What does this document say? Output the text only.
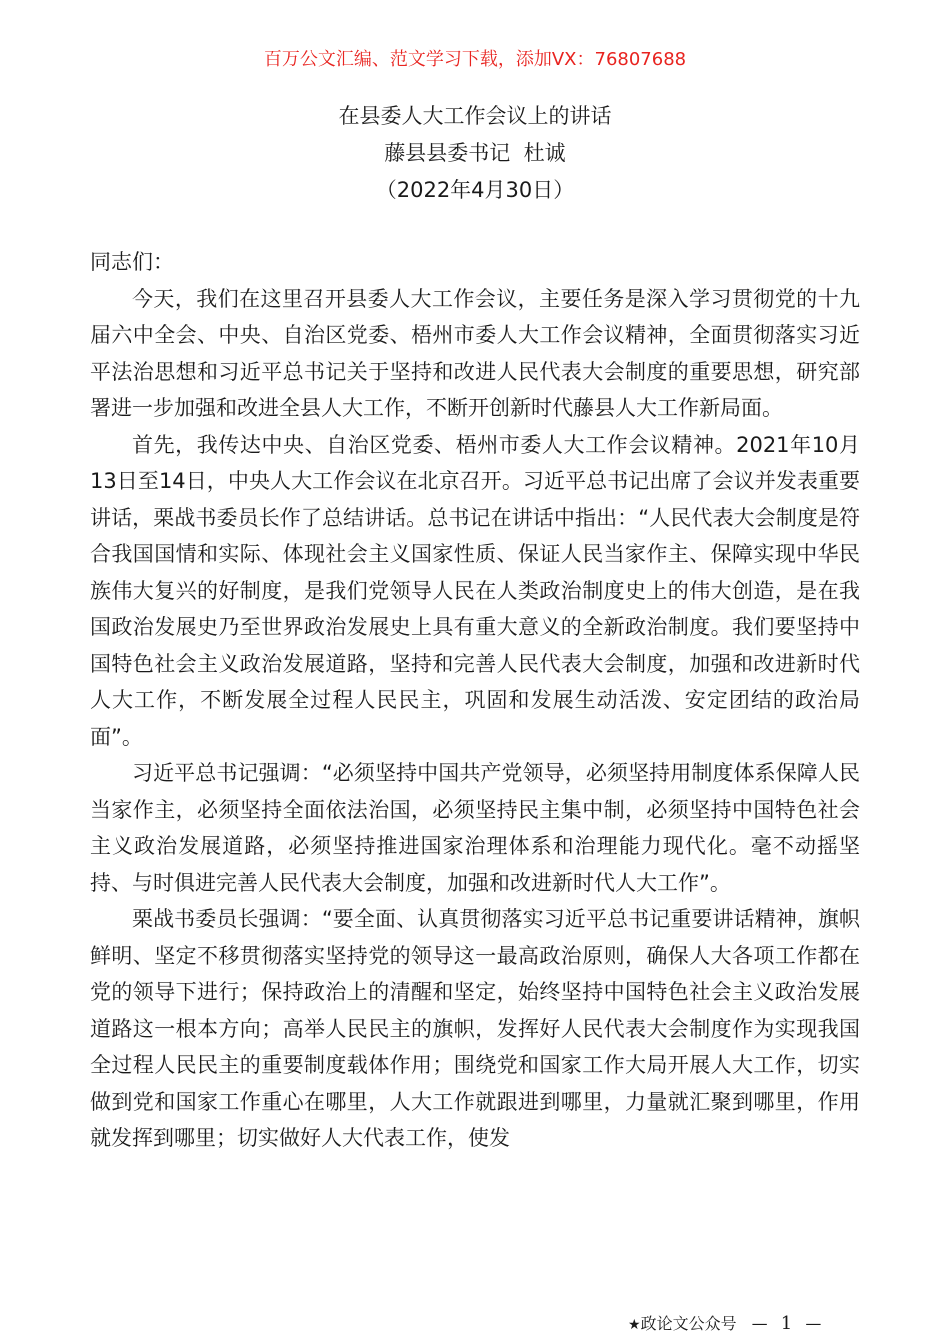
百万公文汇编、范文学习下载，添加VX：76807688
在县委人大工作会议上的讲话
藤县县委书记  杜诚
（2022年4月30日）

同志们：

今天，我们在这里召开县委人大工作会议，主要任务是深入学习贯彻党的十九届六中全会、中央、自治区党委、梧州市委人大工作会议精神，全面贯彻落实习近平法治思想和习近平总书记关于坚持和改进人民代表大会制度的重要思想，研究部署进一步加强和改进全县人大工作，不断开创新时代藤县人大工作新局面。

首先，我传达中央、自治区党委、梧州市委人大工作会议精神。2021年10月13日至14日，中央人大工作会议在北京召开。习近平总书记出席了会议并发表重要讲话，栗战书委员长作了总结讲话。总书记在讲话中指出：“人民代表大会制度是符合我国国情和实际、体现社会主义国家性质、保证人民当家作主、保障实现中华民族伟大复兴的好制度，是我们党领导人民在人类政治制度史上的伟大创造，是在我国政治发展史乃至世界政治发展史上具有重大意义的全新政治制度。我们要坚持中国特色社会主义政治发展道路，坚持和完善人民代表大会制度，加强和改进新时代人大工作，不断发展全过程人民民主，巩固和发展生动活泼、安定团结的政治局面”。

习近平总书记强调：“必须坚持中国共产党领导，必须坚持用制度体系保障人民当家作主，必须坚持全面依法治国，必须坚持民主集中制，必须坚持中国特色社会主义政治发展道路，必须坚持推进国家治理体系和治理能力现代化。毫不动摇坚持、与时俱进完善人民代表大会制度，加强和改进新时代人大工作”。

栗战书委员长强调：“要全面、认真贯彻落实习近平总书记重要讲话精神，旗帜鲜明、坚定不移贯彻落实坚持党的领导这一最高政治原则，确保人大各项工作都在党的领导下进行；保持政治上的清醒和坚定，始终坚持中国特色社会主义政治发展道路这一根本方向；高举人民民主的旗帜，发挥好人民代表大会制度作为实现我国全过程人民民主的重要制度载体作用；围绕党和国家工作大局开展人大工作，切实做到党和国家工作重心在哪里，人大工作就跟进到哪里，力量就汇聚到哪里，作用就发挥到哪里；切实做好人大代表工作，使发

★政论文公众号 — 1 —
